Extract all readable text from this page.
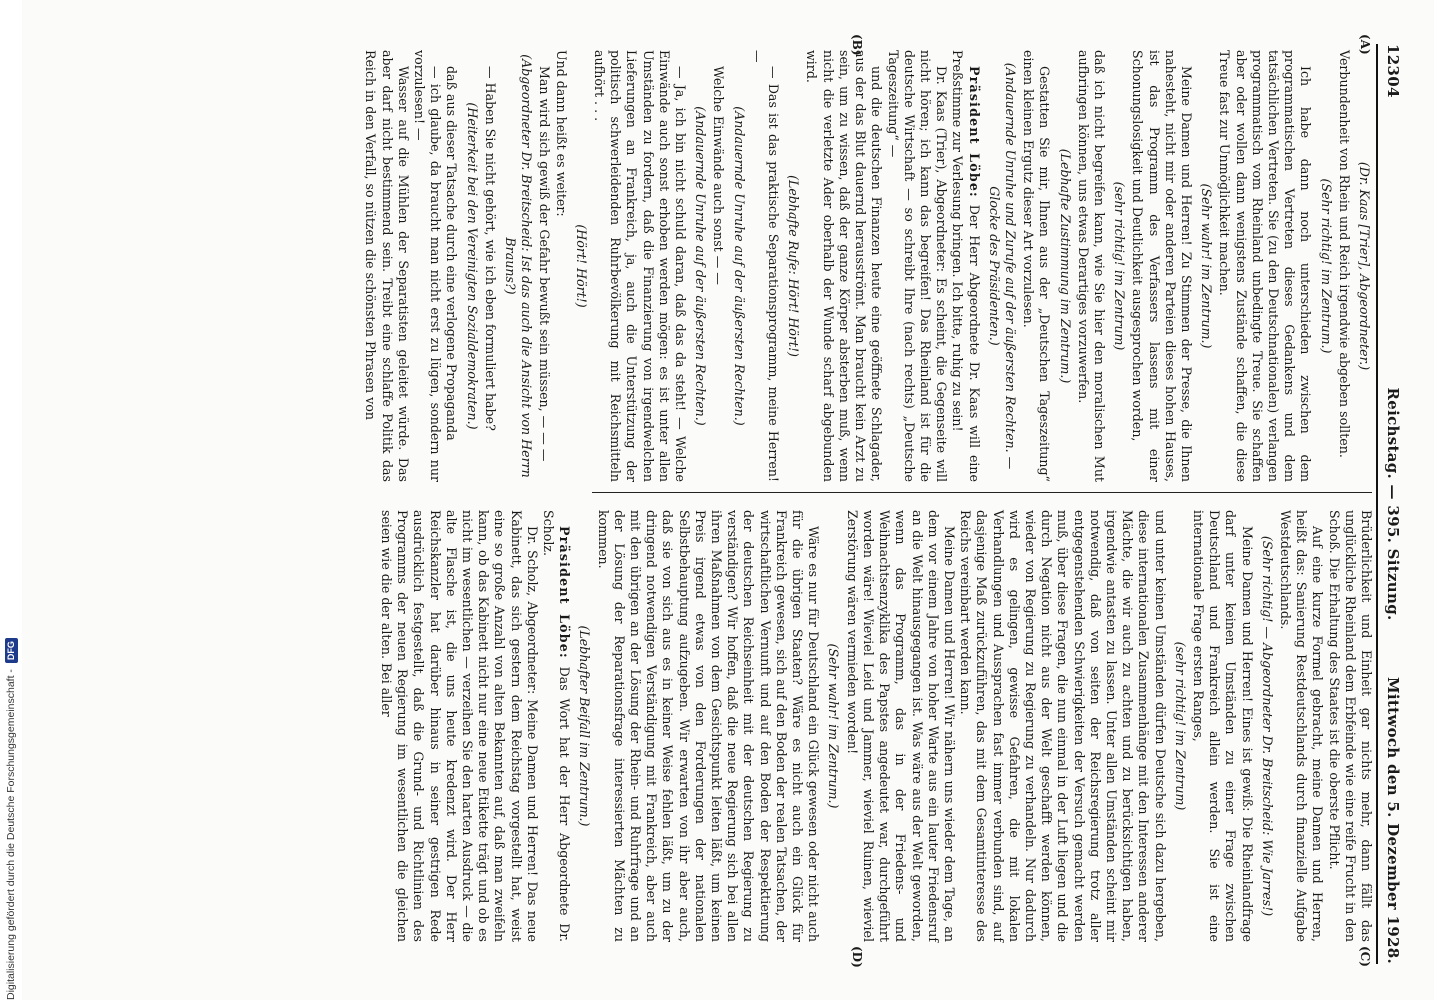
12304
Reichstag. — 395. Sitzung.
Mittwoch den 5. Dezember 1928.
(A)
(B)
(C)
(D)

(Dr. Kaas [Trier], Abgeordneter.)

Verbundenheit von Rhein und Reich irgendwie abgeben sollten.

(Sehr richtig! im Zentrum.)

Ich habe dann noch unterschieden zwischen dem programmatischen Vertreten dieses Gedankens und dem tatsächlichen Vertreten. Sie (zu den Deutschnationalen) verlangen programmatisch vom Rheinland unbedingte Treue. Sie schaffen aber oder wollen dann wenigstens Zustände schaffen, die diese Treue fast zur Unmöglichkeit machen.

(Sehr wahr! im Zentrum.)

Meine Damen und Herren! Zu Stimmen der Presse, die Ihnen nahesteht, nicht mir oder anderen Parteien dieses hohen Hauses, ist das Programm des Verfassers lassens mit einer Schonungslosigkeit und Deutlichkeit ausgesprochen worden,

(sehr richtig! im Zentrum)

daß ich nicht begreifen kann, wie Sie hier den moralischen Mut aufbringen können, uns etwas Derartiges vorzuwerfen.

(Lebhafte Zustimmung im Zentrum.)

Gestatten Sie mir, Ihnen aus der „Deutschen Tageszeitung“ einen kleinen Ergutz dieser Art vorzulesen.

(Andauernde Unruhe und Zurufe auf der äußersten Rechten. — Glocke des Präsidenten.)

Präsident Löbe: Der Herr Abgeordnete Dr. Kaas will eine Preßstimme zur Verlesung bringen. Ich bitte, ruhig zu sein!

Dr. Kaas (Trier), Abgeordneter: Es scheint, die Gegenseite will nicht hören; ich kann das begreifen! Das Rheinland ist für die deutsche Wirtschaft — so schreibt Ihre (nach rechts) „Deutsche Tageszeitung“ —

und die deutschen Finanzen heute eine geöffnete Schlagader, aus der das Blut dauernd herausströmt. Man braucht kein Arzt zu sein, um zu wissen, daß der ganze Körper absterben muß, wenn nicht die verletzte Ader oberhalb der Wunde scharf abgebunden wird.

(Lebhafte Rufe: Hört! Hört!)

— Das ist das praktische Separationsprogramm, meine Herren! —

(Andauernde Unruhe auf der äußersten Rechten.)

Welche Einwände auch sonst — —

(Andauernde Unruhe auf der äußersten Rechten.)

— Ja, ich bin nicht schuld daran, daß das da steht! — Welche Einwände auch sonst erhoben werden mögen: es ist unter allen Umständen zu fordern, daß die Finanzierung von irgendwelchen Lieferungen an Frankreich, ja, auch die Unterstützung der politisch schwerleidenden Ruhrbevölkerung mit Reichsmitteln aufhört . . .

(Hört! Hört!)

Und dann heißt es weiter:

Man wird sich gewiß der Gefahr bewußt sein müssen, — — —

(Abgeordneter Dr. Breitscheid: Ist das auch die Ansicht von Herrn Brauns?)

— Haben Sie nicht gehört, wie ich eben formuliert habe?

(Heiterkeit bei den Vereinigten Sozialdemokraten.)

daß aus dieser Tatsache durch eine verlogene Propaganda

— ich glaube, da braucht man nicht erst zu lügen, sondern nur vorzulesen! —

Wasser auf die Mühlen der Separatisten geleitet würde. Das aber darf nicht bestimmend sein. Treibt eine schlaffe Politik das Reich in den Verfall, so nützen die schönsten Phrasen von

Brüderlichkeit und Einheit gar nichts mehr, dann fällt das unglückliche Rheinland dem Erbfeinde wie eine reife Frucht in den Schoß. Die Erhaltung des Staates ist die oberste Pflicht.

Auf eine kurze Formel gebracht, meine Damen und Herren, heißt das: Sanierung Restdeutschlands durch finanzielle Aufgabe Westdeutschlands.

(Sehr richtig! — Abgeordneter Dr. Breitscheid: Wie Jarres!)

Meine Damen und Herren! Eines ist gewiß: Die Rheinlandfrage darf unter keinen Umständen zu einer Frage zwischen Deutschland und Frankreich allein werden. Sie ist eine internationale Frage ersten Ranges,

(sehr richtig! im Zentrum)

und unter keinen Umständen dürfen Deutsche sich dazu hergeben, diese internationalen Zusammenhänge mit den Interessen anderer Mächte, die wir auch zu achten und zu berücksichtigen haben, irgendwie antasten zu lassen. Unter allen Umständen scheint mir notwendig, daß von seiten der Reichsregierung trotz aller entgegenstehenden Schwierigkeiten der Versuch gemacht werden muß, über diese Fragen, die nun einmal in der Luft liegen und die durch Negation nicht aus der Welt geschafft werden können, wieder von Regierung zu Regierung zu verhandeln. Nur dadurch wird es gelingen, gewisse Gefahren, die mit lokalen Verhandlungen und Aussprachen fast immer verbunden sind, auf dasjenige Maß zurückzuführen, das mit dem Gesamtinteresse des Reichs vereinbart werden kann.

Meine Damen und Herren! Wir nähern uns wieder dem Tage, an dem vor einem Jahre von hoher Warte aus ein lauter Friedensruf an die Welt hinausgegangen ist. Was wäre aus der Welt geworden, wenn das Programm, das in der Friedens- und Weihnachtsenzyklika des Papstes angedeutet war, durchgeführt worden wäre! Wieviel Leid und Jammer, wieviel Ruinen, wieviel Zerstörung wären vermieden worden!

(Sehr wahr! im Zentrum.)

Wäre es nur für Deutschland ein Glück gewesen oder nicht auch für die übrigen Staaten? Wäre es nicht auch ein Glück für Frankreich gewesen, sich auf den Boden der realen Tatsachen, der wirtschaftlichen Vernunft und auf den Boden der Respektierung der deutschen Reichseinheit mit der deutschen Regierung zu verständigen? Wir hoffen, daß die neue Regierung sich bei allen ihren Maßnahmen von dem Gesichtspunkt leiten läßt, um keinen Preis irgend etwas von den Forderungen der nationalen Selbstbehauptung aufzugeben. Wir erwarten von ihr aber auch, daß sie von sich aus es in keiner Weise fehlen läßt, um zu der dringend notwendigen Verständigung mit Frankreich, aber auch mit den übrigen an der Lösung der Rhein- und Ruhrfrage und an der Lösung der Reparationsfrage interessierten Mächten zu kommen.

(Lebhafter Beifall im Zentrum.)

Präsident Löbe: Das Wort hat der Herr Abgeordnete Dr. Scholz.

Dr. Scholz, Abgeordneter: Meine Damen und Herren! Das neue Kabinett, das sich gestern dem Reichstag vorgestellt hat, weist eine so große Anzahl von alten Bekannten auf, daß man zweifeln kann, ob das Kabinett nicht nur eine neue Etikette trägt und ob es nicht im wesentlichen — verzeihen Sie den harten Ausdruck — die alte Flasche ist, die uns heute kredenzt wird. Der Herr Reichskanzler hat darüber hinaus in seiner gestrigen Rede ausdrücklich festgestellt, daß die Grund- und Richtlinien des Programms der neuen Regierung im wesentlichen die gleichen seien wie die der alten. Bei aller

Digitalisierung gefördert durch die Deutsche Forschungsgemeinschaft -
DFG
